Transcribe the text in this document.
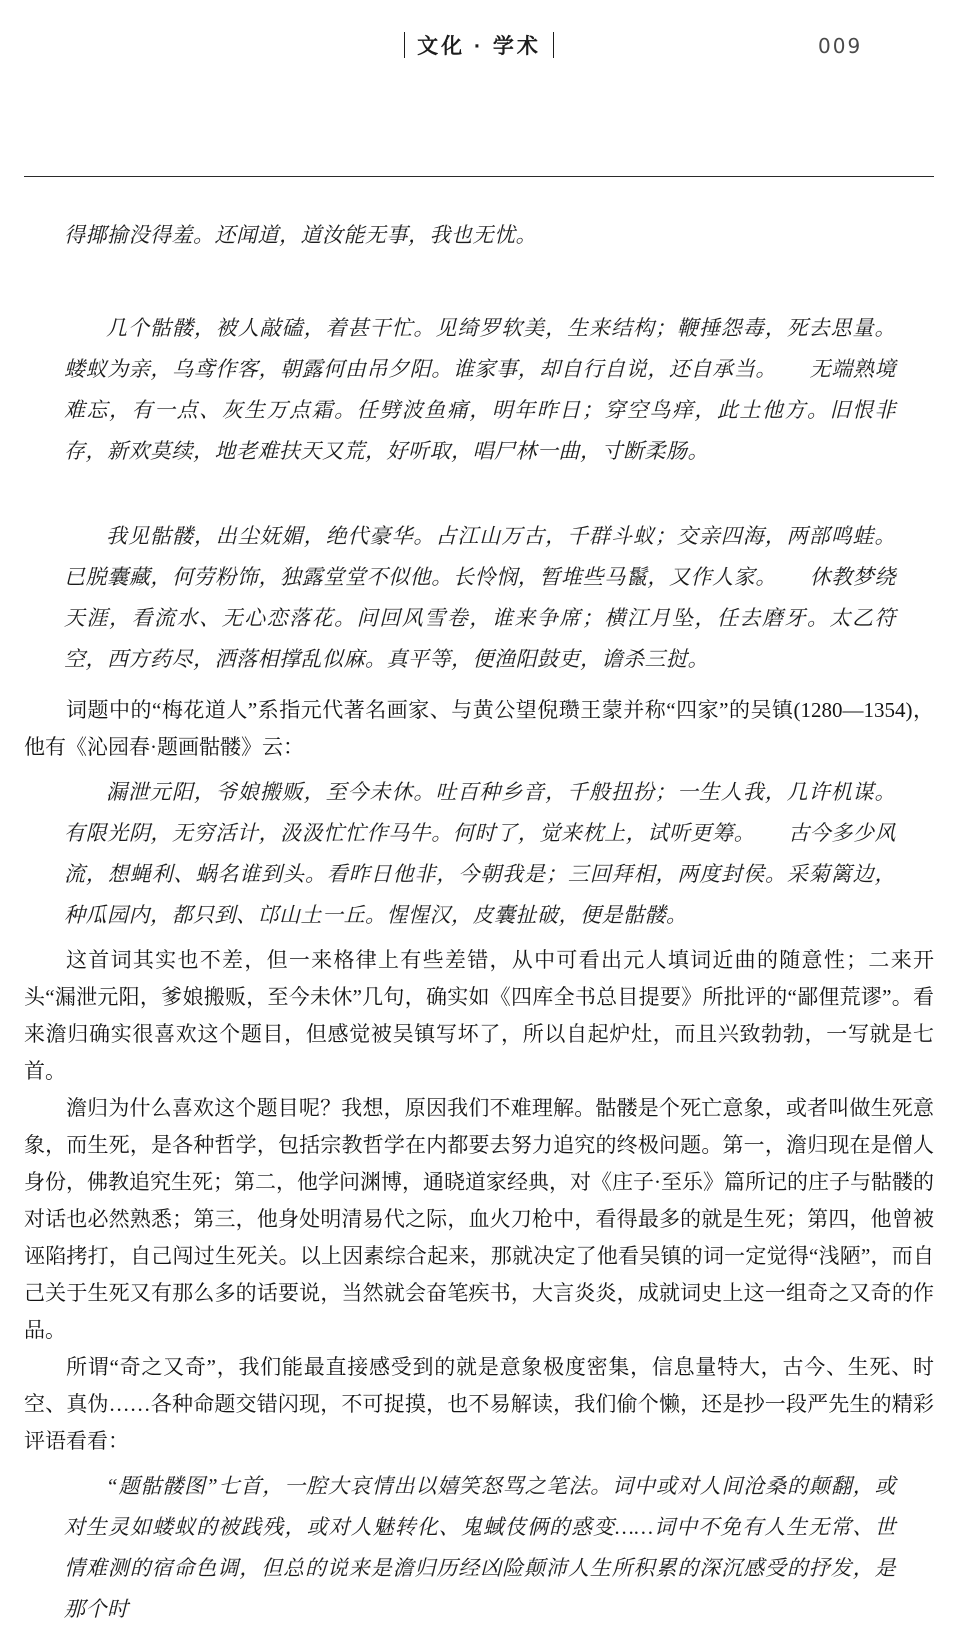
文化 · 学术	009

得揶揄没得羞。还闻道，道汝能无事，我也无忧。

几个骷髅，被人敲磕，着甚干忙。见绮罗软美，生来结构；鞭捶怨毒，死去思量。蝼蚁为亲，乌鸢作客，朝露何由吊夕阳。谁家事，却自行自说，还自承当。　　无端熟境难忘，有一点、灰生万点霜。任劈波鱼痛，明年昨日；穿空鸟痒，此土他方。旧恨非存，新欢莫续，地老难扶天又荒，好听取，唱尸林一曲，寸断柔肠。

我见骷髅，出尘妩媚，绝代豪华。占江山万古，千群斗蚁；交亲四海，两部鸣蛙。已脱囊藏，何劳粉饰，独露堂堂不似他。长怜悯，暂堆些马鬣，又作人家。　　休教梦绕天涯，看流水、无心恋落花。问回风雪卷，谁来争席；横江月坠，任去磨牙。太乙符空，西方药尽，洒落相撑乱似麻。真平等，便渔阳鼓吏，谵杀三挝。

词题中的“梅花道人”系指元代著名画家、与黄公望倪瓒王蒙并称“四家”的吴镇(1280—1354)，他有《沁园春·题画骷髅》云：

漏泄元阳，爷娘搬贩，至今未休。吐百种乡音，千般扭扮；一生人我，几许机谋。有限光阴，无穷活计，汲汲忙忙作马牛。何时了，觉来枕上，试听更筹。　　古今多少风流，想蝇利、蜗名谁到头。看昨日他非，今朝我是；三回拜相，两度封侯。采菊篱边，种瓜园内，都只到、邙山土一丘。惺惺汉，皮囊扯破，便是骷髅。

这首词其实也不差，但一来格律上有些差错，从中可看出元人填词近曲的随意性；二来开头“漏泄元阳，爹娘搬贩，至今未休”几句，确实如《四库全书总目提要》所批评的“鄙俚荒谬”。看来澹归确实很喜欢这个题目，但感觉被吴镇写坏了，所以自起炉灶，而且兴致勃勃，一写就是七首。

澹归为什么喜欢这个题目呢？我想，原因我们不难理解。骷髅是个死亡意象，或者叫做生死意象，而生死，是各种哲学，包括宗教哲学在内都要去努力追究的终极问题。第一，澹归现在是僧人身份，佛教追究生死；第二，他学问渊博，通晓道家经典，对《庄子·至乐》篇所记的庄子与骷髅的对话也必然熟悉；第三，他身处明清易代之际，血火刀枪中，看得最多的就是生死；第四，他曾被诬陷拷打，自己闯过生死关。以上因素综合起来，那就决定了他看吴镇的词一定觉得“浅陋”，而自己关于生死又有那么多的话要说，当然就会奋笔疾书，大言炎炎，成就词史上这一组奇之又奇的作品。

所谓“奇之又奇”，我们能最直接感受到的就是意象极度密集，信息量特大，古今、生死、时空、真伪……各种命题交错闪现，不可捉摸，也不易解读，我们偷个懒，还是抄一段严先生的精彩评语看看：

“题骷髅图”七首，一腔大哀情出以嬉笑怒骂之笔法。词中或对人间沧桑的颠翻，或对生灵如蝼蚁的被践残，或对人魅转化、鬼蜮伎俩的惑变……词中不免有人生无常、世情难测的宿命色调，但总的说来是澹归历经凶险颠沛人生所积累的深沉感受的抒发，是那个时
